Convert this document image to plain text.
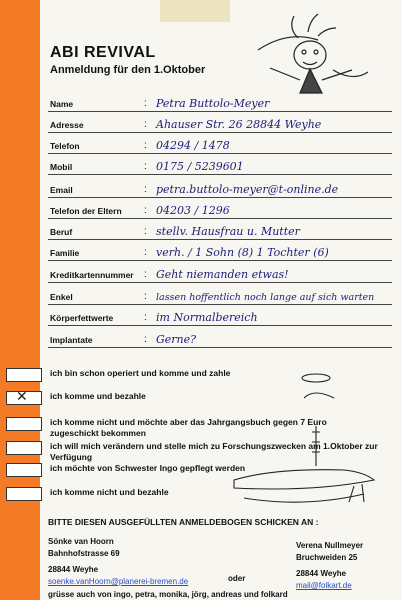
ABI REVIVAL
Anmeldung für den 1.Oktober
Name	: Petra Buttolo-Meyer
Adresse	: Ahauser Str. 26 28844 Weyhe
Telefon	: 04294 / 1478
Mobil	: 0175 / 5239601
Email	: petra.buttolo-meyer@t-online.de
Telefon der Eltern : 04203 / 1296
Beruf	: stellv. Hausfrau u. Mutter
Familie	: verh. / 1 Sohn (8) 1 Tochter (6)
Kreditkartennummer : Geht niemanden etwas!
Enkel	: lassen hoffentlich noch lange auf sich warten
Körperfettwerte	: im Normalbereich
Implantate	: Gerne?
ich bin schon operiert und komme und zahle
✕	ich komme und bezahle
ich komme nicht und möchte aber das Jahrgangsbuch gegen 7 Euro zugeschickt bekommen
ich will mich verändern und stelle mich zu Forschungszwecken am 1.Oktober zur Verfügung
ich möchte von Schwester Ingo gepflegt werden
ich komme nicht und bezahle
BITTE DIESEN AUSGEFÜLLTEN ANMELDEBOGEN SCHICKEN AN :
Sönke van Hoorn
Bahnhofstrasse 69
28844 Weyhe
soenke.vanHoorn@planerei-bremen.de	oder
Verena Nullmeyer
Bruchweiden 25
28844 Weyhe
mail@folkart.de
grüsse auch von ingo, petra, monika, jörg, andreas und folkard
